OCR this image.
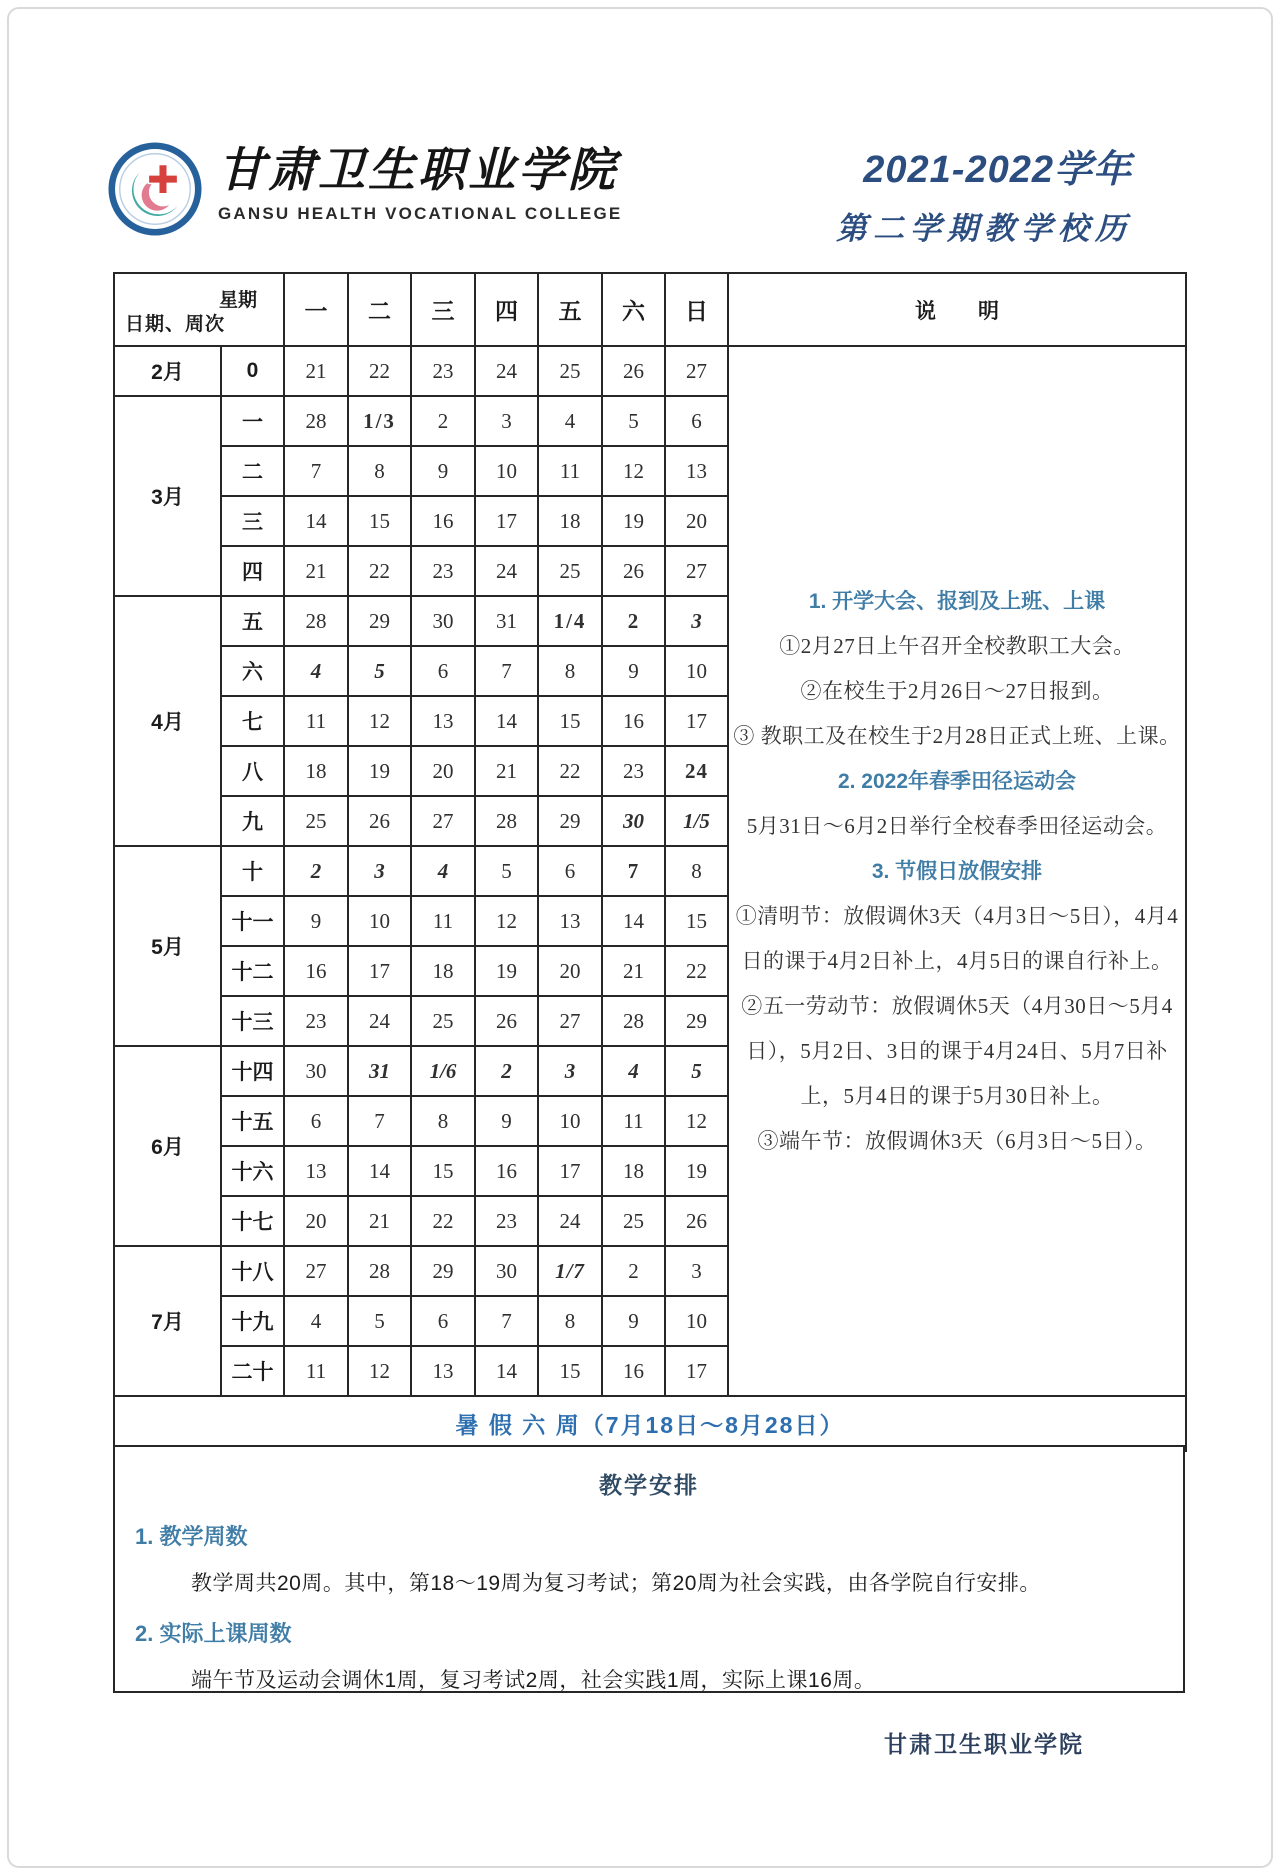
甘肃卫生职业学院
GANSU HEALTH VOCATIONAL COLLEGE
2021-2022学年
第二学期教学校历
星期
日期、周次		一	二	三	四	五	六	日	说　　明
2月	0	21	22	23	24	25	26	27	
1. 开学大会、报到及上班、上课
①2月27日上午召开全校教职工大会。
②在校生于2月26日～27日报到。
③ 教职工及在校生于2月28日正式上班、上课。
2. 2022年春季田径运动会
5月31日～6月2日举行全校春季田径运动会。
3. 节假日放假安排
①清明节：放假调休3天（4月3日～5日），4月4日的课于4月2日补上，4月5日的课自行补上。
②五一劳动节：放假调休5天（4月30日～5月4日），5月2日、3日的课于4月24日、5月7日补上，5月4日的课于5月30日补上。
③端午节：放假调休3天（6月3日～5日）。

3月	一	28	1/3	2	3	4	5	6	
	二	7	8	9	10	11	12	13	
	三	14	15	16	17	18	19	20	
	四	21	22	23	24	25	26	27	
4月	五	28	29	30	31	1/4	2	3	
	六	4	5	6	7	8	9	10	
	七	11	12	13	14	15	16	17	
	八	18	19	20	21	22	23	24	
	九	25	26	27	28	29	30	1/5	
5月	十	2	3	4	5	6	7	8	
	十一	9	10	11	12	13	14	15	
	十二	16	17	18	19	20	21	22	
	十三	23	24	25	26	27	28	29	
6月	十四	30	31	1/6	2	3	4	5	
	十五	6	7	8	9	10	11	12	
	十六	13	14	15	16	17	18	19	
	十七	20	21	22	23	24	25	26	
7月	十八	27	28	29	30	1/7	2	3	
	十九	4	5	6	7	8	9	10	
	二十	11	12	13	14	15	16	17	
暑 假 六 周（7月18日～8月28日）									
教学安排
1. 教学周数
教学周共20周。其中，第18～19周为复习考试；第20周为社会实践，由各学院自行安排。
2. 实际上课周数
端午节及运动会调休1周，复习考试2周，社会实践1周，实际上课16周。
甘肃卫生职业学院
